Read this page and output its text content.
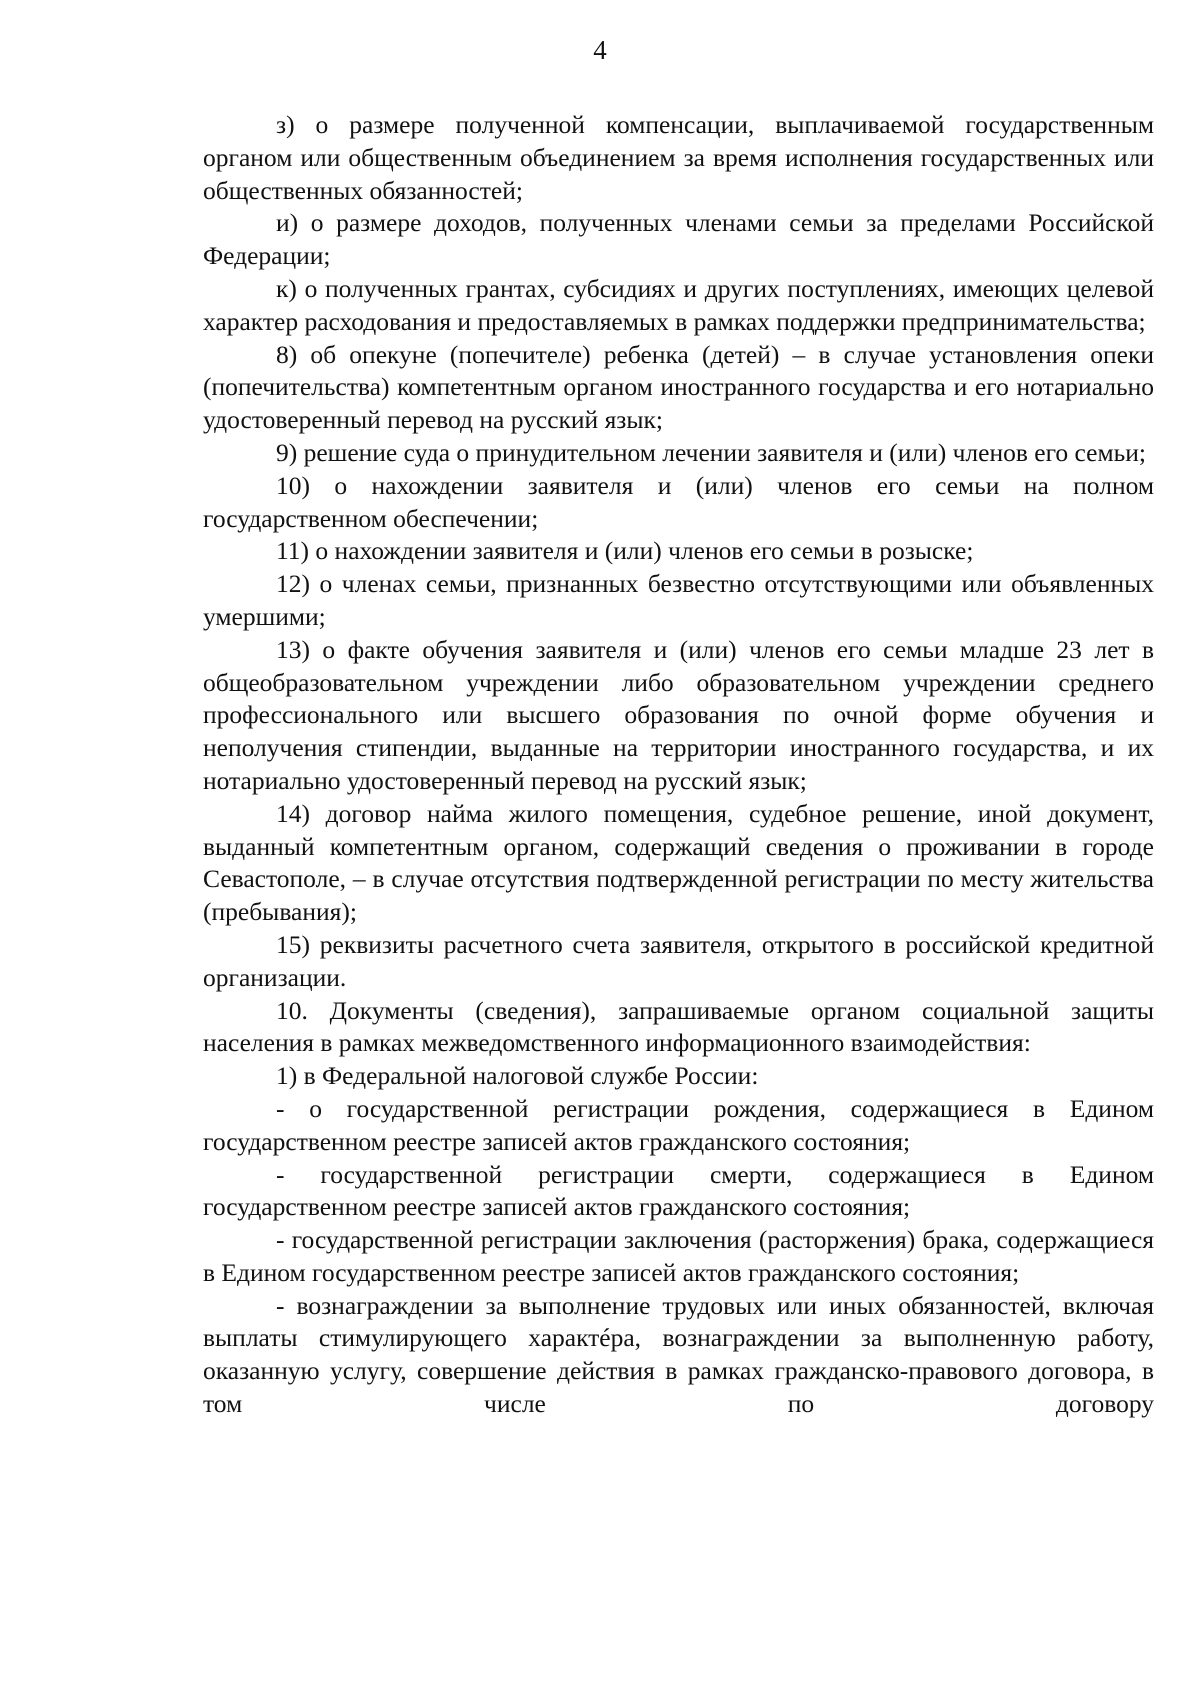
4

з) о размере полученной компенсации, выплачиваемой государственным органом или общественным объединением за время исполнения государственных или общественных обязанностей;

и) о размере доходов, полученных членами семьи за пределами Российской Федерации;

к) о полученных грантах, субсидиях и других поступлениях, имеющих целевой характер расходования и предоставляемых в рамках поддержки предпринимательства;

8) об опекуне (попечителе) ребенка (детей) – в случае установления опеки (попечительства) компетентным органом иностранного государства и его нотариально удостоверенный перевод на русский язык;

9) решение суда о принудительном лечении заявителя и (или) членов его семьи;

10) о нахождении заявителя и (или) членов его семьи на полном государственном обеспечении;

11) о нахождении заявителя и (или) членов его семьи в розыске;

12) о членах семьи, признанных безвестно отсутствующими или объявленных умершими;

13) о факте обучения заявителя и (или) членов его семьи младше 23 лет в общеобразовательном учреждении либо образовательном учреждении среднего профессионального или высшего образования по очной форме обучения и неполучения стипендии, выданные на территории иностранного государства, и их нотариально удостоверенный перевод на русский язык;

14) договор найма жилого помещения, судебное решение, иной документ, выданный компетентным органом, содержащий сведения о проживании в городе Севастополе, – в случае отсутствия подтвержденной регистрации по месту жительства (пребывания);

15) реквизиты расчетного счета заявителя, открытого в российской кредитной организации.

10. Документы (сведения), запрашиваемые органом социальной защиты населения в рамках межведомственного информационного взаимодействия:

1) в Федеральной налоговой службе России:

- о государственной регистрации рождения, содержащиеся в Едином государственном реестре записей актов гражданского состояния;

- государственной регистрации смерти, содержащиеся в Едином государственном реестре записей актов гражданского состояния;

- государственной регистрации заключения (расторжения) брака, содержащиеся в Едином государственном реестре записей актов гражданского состояния;

- вознаграждении за выполнение трудовых или иных обязанностей, включая выплаты стимулирующего характéра, вознаграждении за выполненную работу, оказанную услугу, совершение действия в рамках гражданско-правового договора, в том числе по договору
